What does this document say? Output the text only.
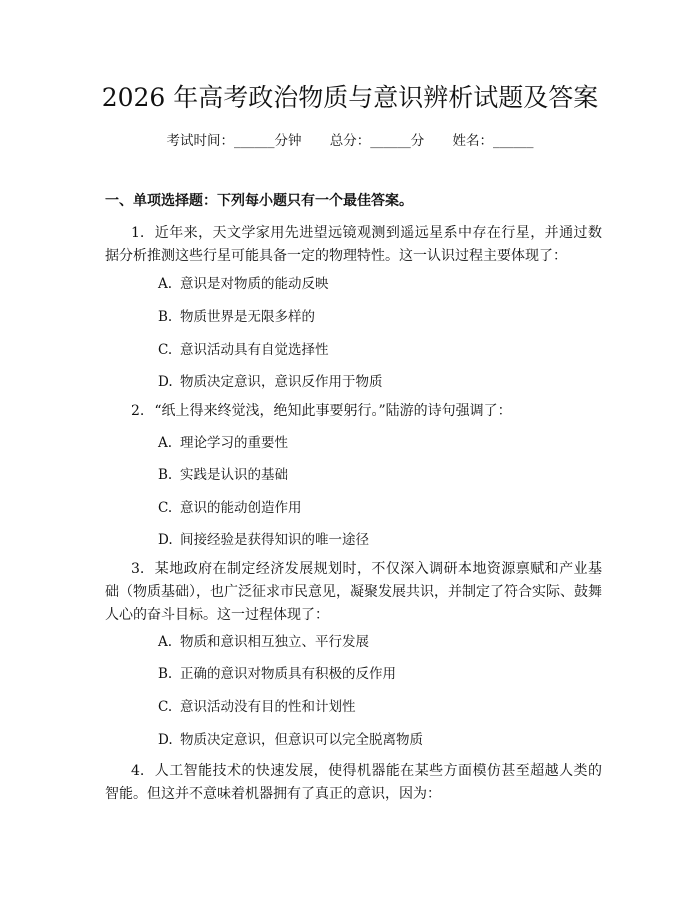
2026 年高考政治物质与意识辨析试题及答案
考试时间：______分钟 总分：______分 姓名：______
一、单项选择题：下列每小题只有一个最佳答案。
1. 近年来，天文学家用先进望远镜观测到遥远星系中存在行星，并通过数据分析推测这些行星可能具备一定的物理特性。这一认识过程主要体现了：
A. 意识是对物质的能动反映
B. 物质世界是无限多样的
C. 意识活动具有自觉选择性
D. 物质决定意识，意识反作用于物质
2. “纸上得来终觉浅，绝知此事要躬行。”陆游的诗句强调了：
A. 理论学习的重要性
B. 实践是认识的基础
C. 意识的能动创造作用
D. 间接经验是获得知识的唯一途径
3. 某地政府在制定经济发展规划时，不仅深入调研本地资源禀赋和产业基础（物质基础），也广泛征求市民意见，凝聚发展共识，并制定了符合实际、鼓舞人心的奋斗目标。这一过程体现了：
A. 物质和意识相互独立、平行发展
B. 正确的意识对物质具有积极的反作用
C. 意识活动没有目的性和计划性
D. 物质决定意识，但意识可以完全脱离物质
4. 人工智能技术的快速发展，使得机器能在某些方面模仿甚至超越人类的智能。但这并不意味着机器拥有了真正的意识，因为：
